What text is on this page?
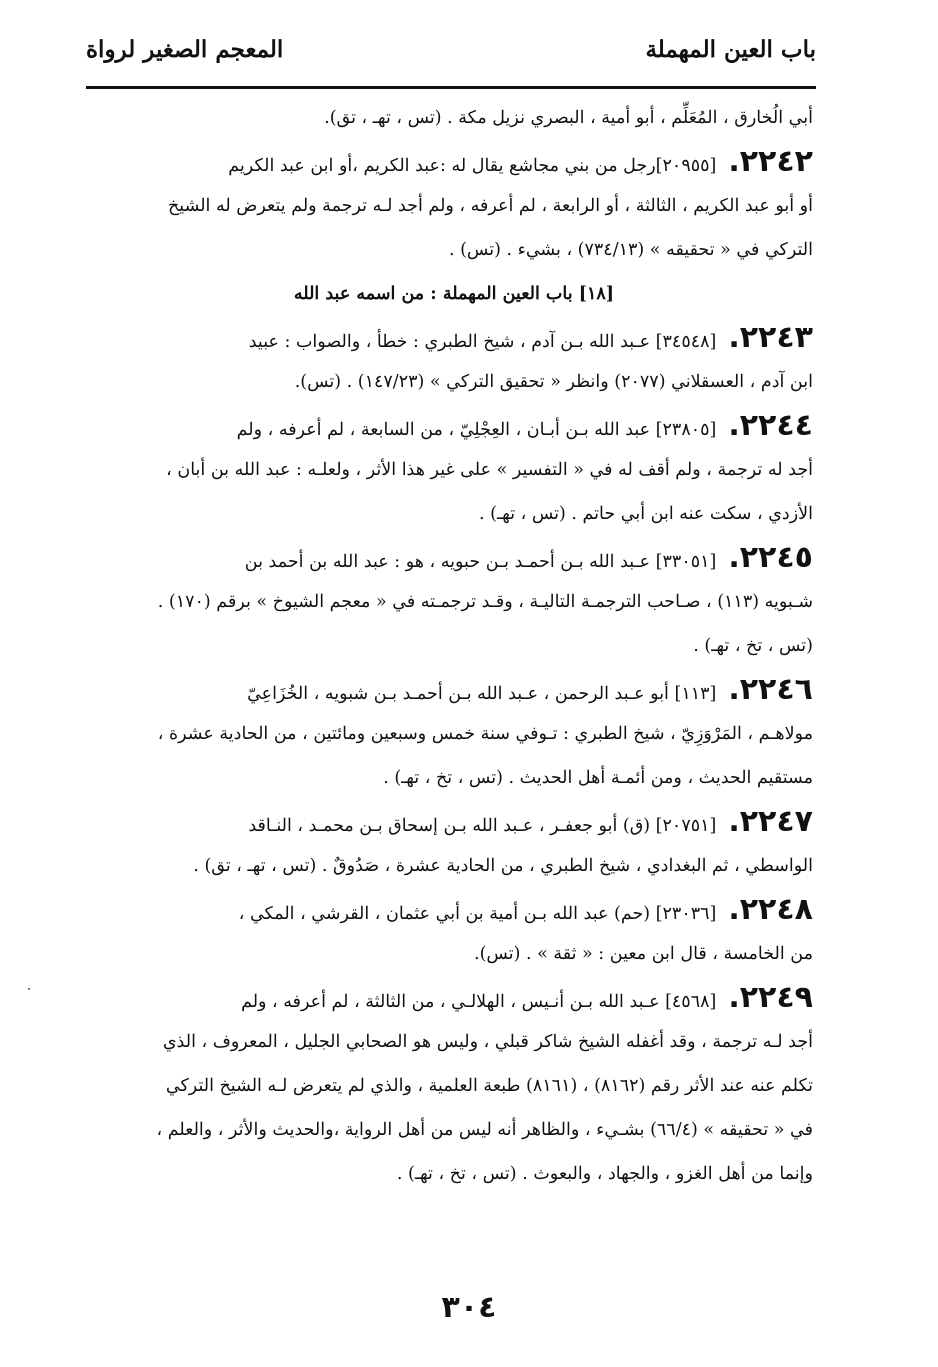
باب العين المهملة
المعجم الصغير لرواة
أبي الُخارق ، المُعَلِّم ، أبو أمية ، البصري نزيل مكة . (تس ، تهـ ، تق).
٢٢٤٢.[٢٠٩٥٥]رجل من بني مجاشع يقال له :عبد الكريم ،أو ابن عبد الكريم
أو أبو عبد الكريم ، الثالثة ، أو الرابعة ، لم أعرفه ، ولم أجد لـه ترجمة ولم يتعرض له الشيخ
التركي في « تحقيقه » (٧٣٤/١٣) ، بشيء . (تس) .
[١٨] باب العين المهملة : من اسمه عبد الله
٢٢٤٣.[٣٤٥٤٨] عـبد الله بـن آدم ، شيخ الطبري : خطأ ، والصواب : عبيد
ابن آدم ، العسقلاني (٢٠٧٧) وانظر « تحقيق التركي » (١٤٧/٢٣) . (تس).
٢٢٤٤.[٢٣٨٠٥] عبد الله بـن أبـان ، العِجْلِيّ ، من السابعة ، لم أعرفه ، ولم
أجد له ترجمة ، ولم أقف له في « التفسير » على غير هذا الأثر ، ولعلـه : عبد الله بن أبان ،
الأزدي ، سكت عنه ابن أبي حاتم . (تس ، تهـ) .
٢٢٤٥.[٣٣٠٥١] عـبد الله بـن أحمـد بـن حبويه ، هو : عبد الله بن أحمد بن
شـبويه (١١٣) ، صـاحب الترجمـة التاليـة ، وقـد ترجمـته في « معجم الشيوخ » برقم (١٧٠) .
(تس ، تخ ، تهـ) .
٢٢٤٦.[١١٣] أبو عـبد الرحمن ، عـبد الله بـن أحمـد بـن شبويه ، الخُزَاعِيّ
مولاهـم ، المَرْوَزِيّ ، شيخ الطبري : تـوفي سنة خمس وسبعين ومائتين ، من الحادية عشرة ،
مستقيم الحديث ، ومن أئمـة أهل الحديث . (تس ، تخ ، تهـ) .
٢٢٤٧.[٢٠٧٥١] (ق) أبو جعفـر ، عـبد الله بـن إسحاق بـن محمـد ، النـاقد
الواسطي ، ثم البغدادي ، شيخ الطبري ، من الحادية عشرة ، صَدُوقٌ . (تس ، تهـ ، تق) .
٢٢٤٨.[٢٣٠٣٦] (حم) عبد الله بـن أمية بن أبي عثمان ، القرشي ، المكي ،
من الخامسة ، قال ابن معين : « ثقة » . (تس).
٢٢٤٩.[٤٥٦٨] عـبد الله بـن أنـيس ، الهلالـي ، من الثالثة ، لم أعرفه ، ولم
أجد لـه ترجمة ، وقد أغفله الشيخ شاكر قبلي ، وليس هو الصحابي الجليل ، المعروف ، الذي
تكلم عنه عند الأثر رقم (٨١٦٢) ، (٨١٦١) طبعة العلمية ، والذي لم يتعرض لـه الشيخ التركي
في « تحقيقه » (٦٦/٤) بشـيء ، والظاهر أنه ليس من أهل الرواية ،والحديث والأثر ، والعلم ،
وإنما من أهل الغزو ، والجهاد ، والبعوث . (تس ، تخ ، تهـ) .
٣٠٤
